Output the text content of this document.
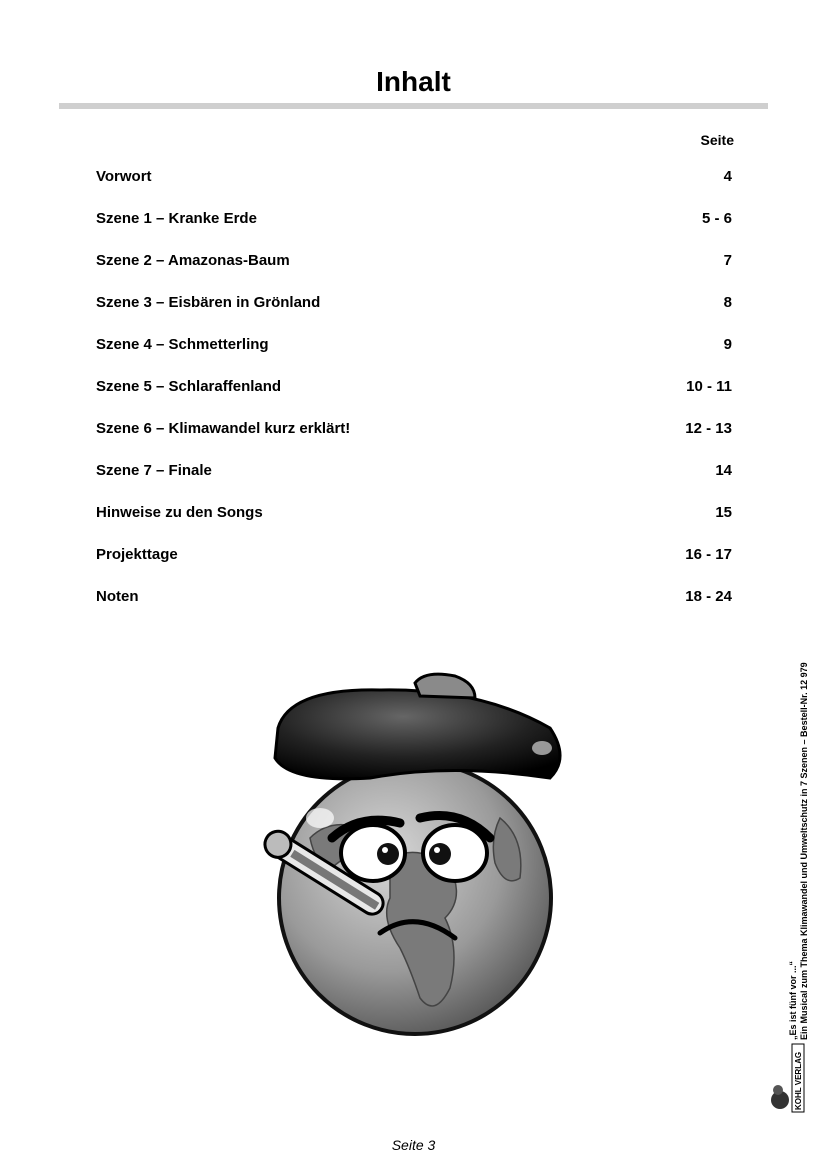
Inhalt
Seite
Vorwort	4
Szene 1 – Kranke Erde	5 - 6
Szene 2 – Amazonas-Baum	7
Szene 3 – Eisbären in Grönland	8
Szene 4 – Schmetterling	9
Szene 5 – Schlaraffenland	10 - 11
Szene 6 – Klimawandel kurz erklärt!	12 - 13
Szene 7 – Finale	14
Hinweise zu den Songs	15
Projekttage	16 - 17
Noten	18 - 24
„Es ist fünf vor ...“ Ein Musical zum Thema Klimawandel und Umweltschutz in 7 Szenen – Bestell-Nr. 12 979
KOHL VERLAG
Seite 3
